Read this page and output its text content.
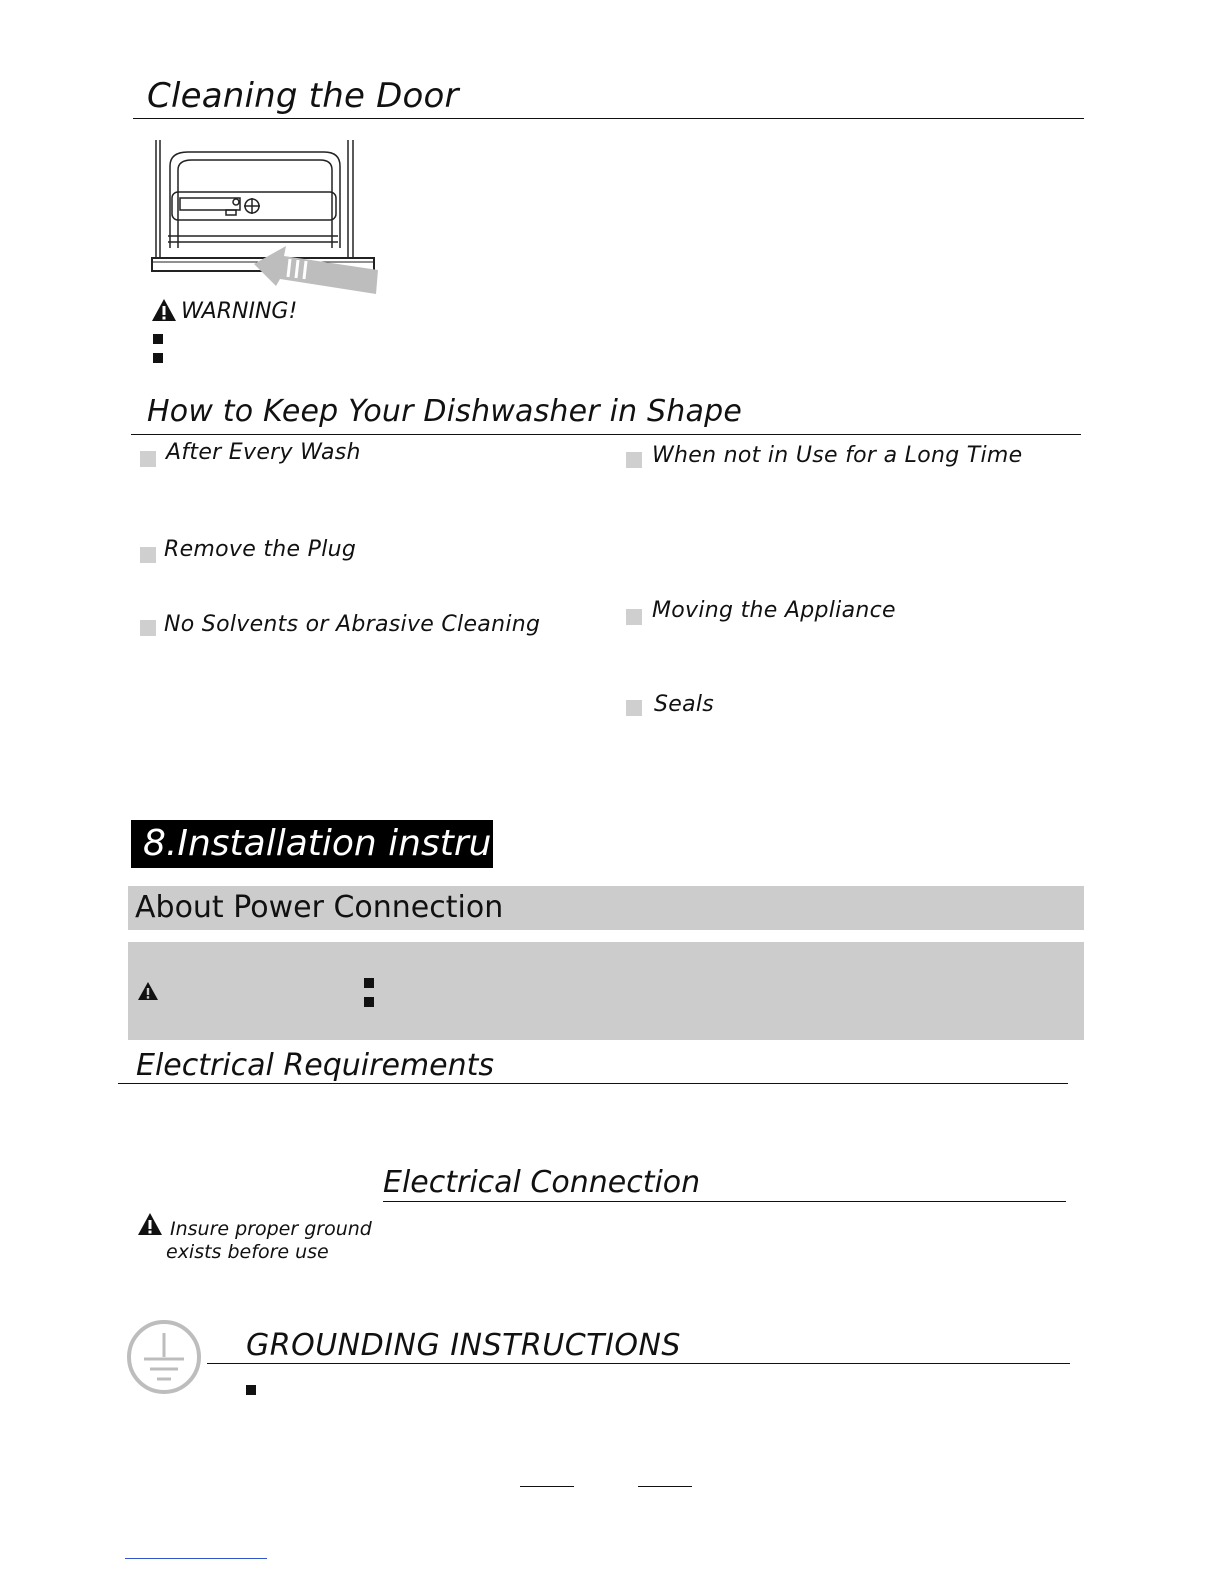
Cleaning the Door
WARNING!
How to Keep Your Dishwasher in Shape
After Every Wash
Remove the Plug
No Solvents or Abrasive Cleaning
When not in Use for a Long Time
Moving the Appliance
Seals
8.Installation instruction
About Power Connection
Electrical Requirements
Electrical Connection
Insure proper ground
exists before use
GROUNDING INSTRUCTIONS
